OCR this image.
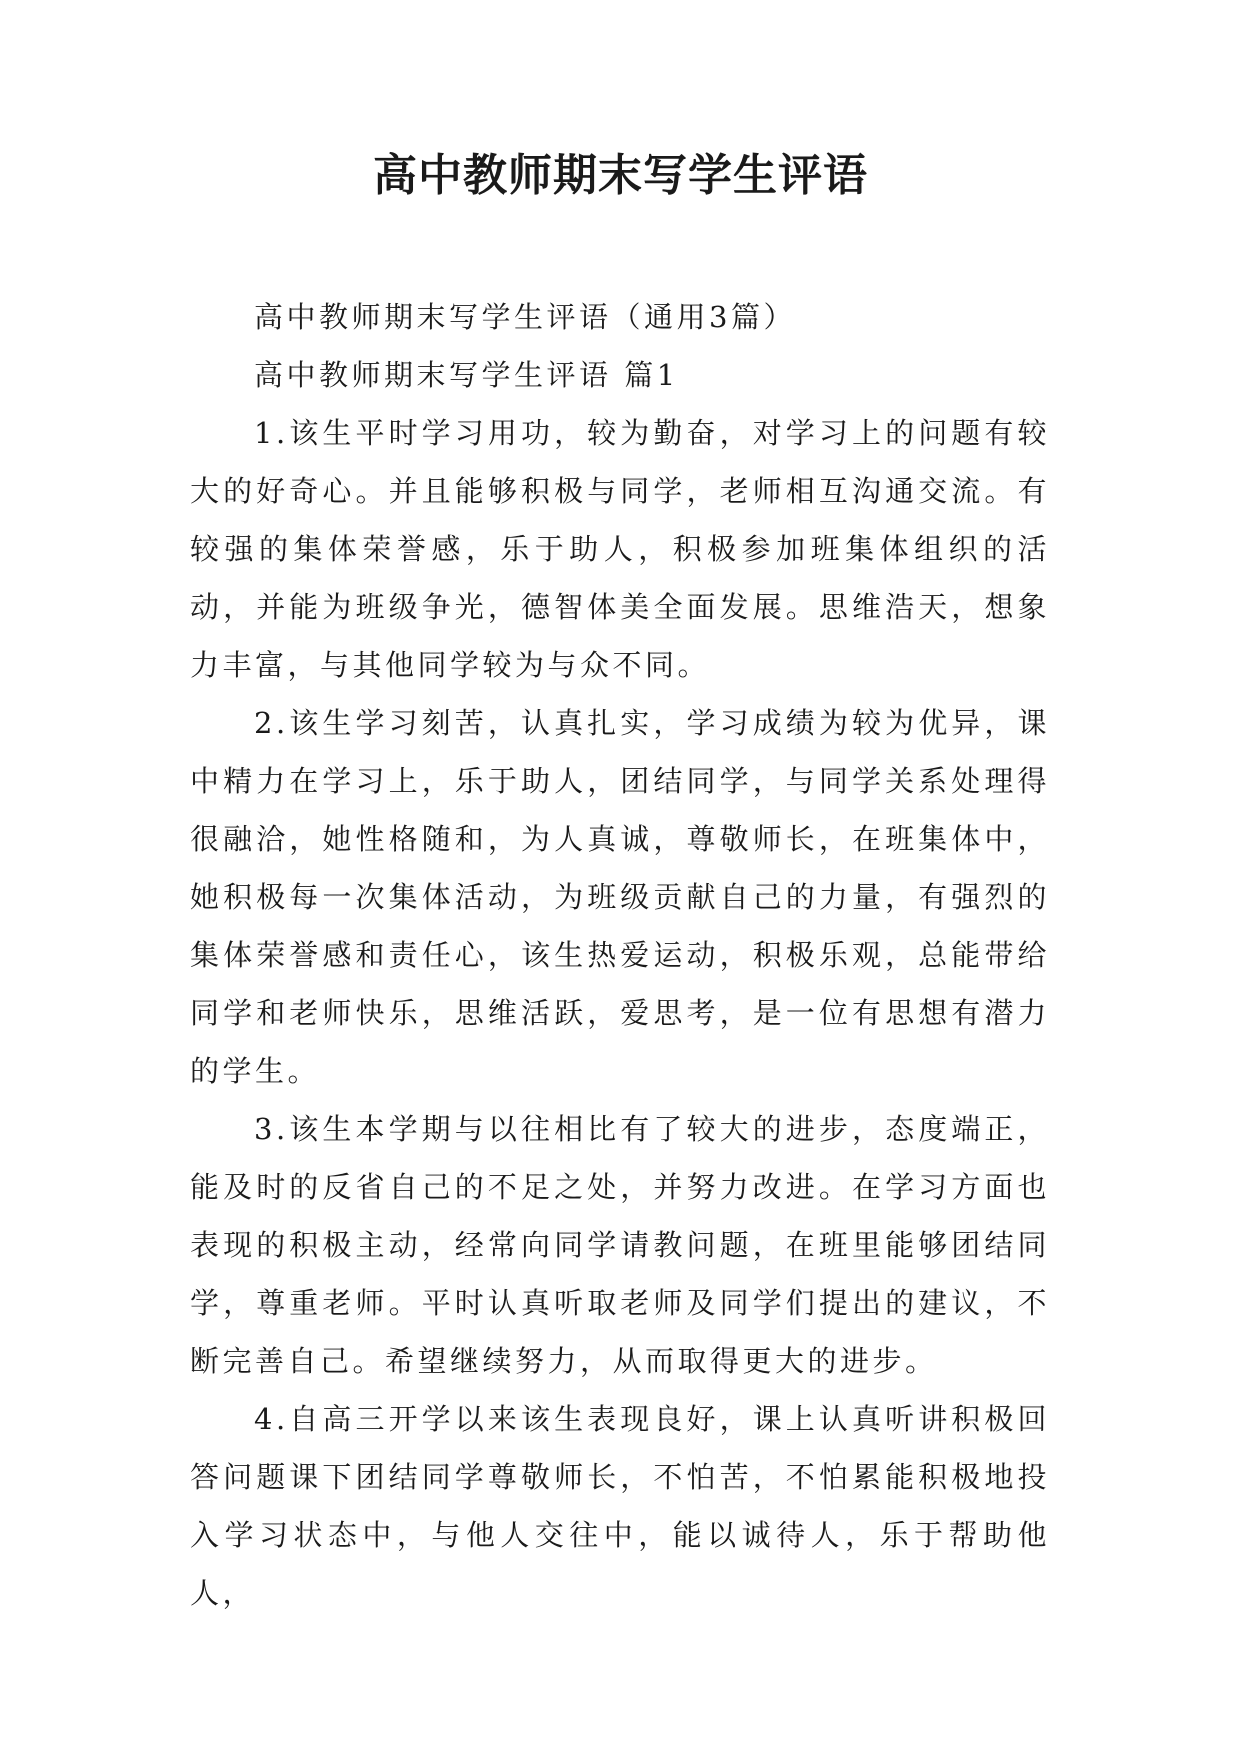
高中教师期末写学生评语

高中教师期末写学生评语（通用3篇）

高中教师期末写学生评语 篇1

1.该生平时学习用功，较为勤奋，对学习上的问题有较大的好奇心。并且能够积极与同学，老师相互沟通交流。有较强的集体荣誉感，乐于助人，积极参加班集体组织的活动，并能为班级争光，德智体美全面发展。思维浩天，想象力丰富，与其他同学较为与众不同。

2.该生学习刻苦，认真扎实，学习成绩为较为优异，课中精力在学习上，乐于助人，团结同学，与同学关系处理得很融洽，她性格随和，为人真诚，尊敬师长，在班集体中，她积极每一次集体活动，为班级贡献自己的力量，有强烈的集体荣誉感和责任心，该生热爱运动，积极乐观，总能带给同学和老师快乐，思维活跃，爱思考，是一位有思想有潜力的学生。

3.该生本学期与以往相比有了较大的进步，态度端正，能及时的反省自己的不足之处，并努力改进。在学习方面也表现的积极主动，经常向同学请教问题，在班里能够团结同学，尊重老师。平时认真听取老师及同学们提出的建议，不断完善自己。希望继续努力，从而取得更大的进步。

4.自高三开学以来该生表现良好，课上认真听讲积极回答问题课下团结同学尊敬师长，不怕苦，不怕累能积极地投入学习状态中，与他人交往中，能以诚待人，乐于帮助他人，
